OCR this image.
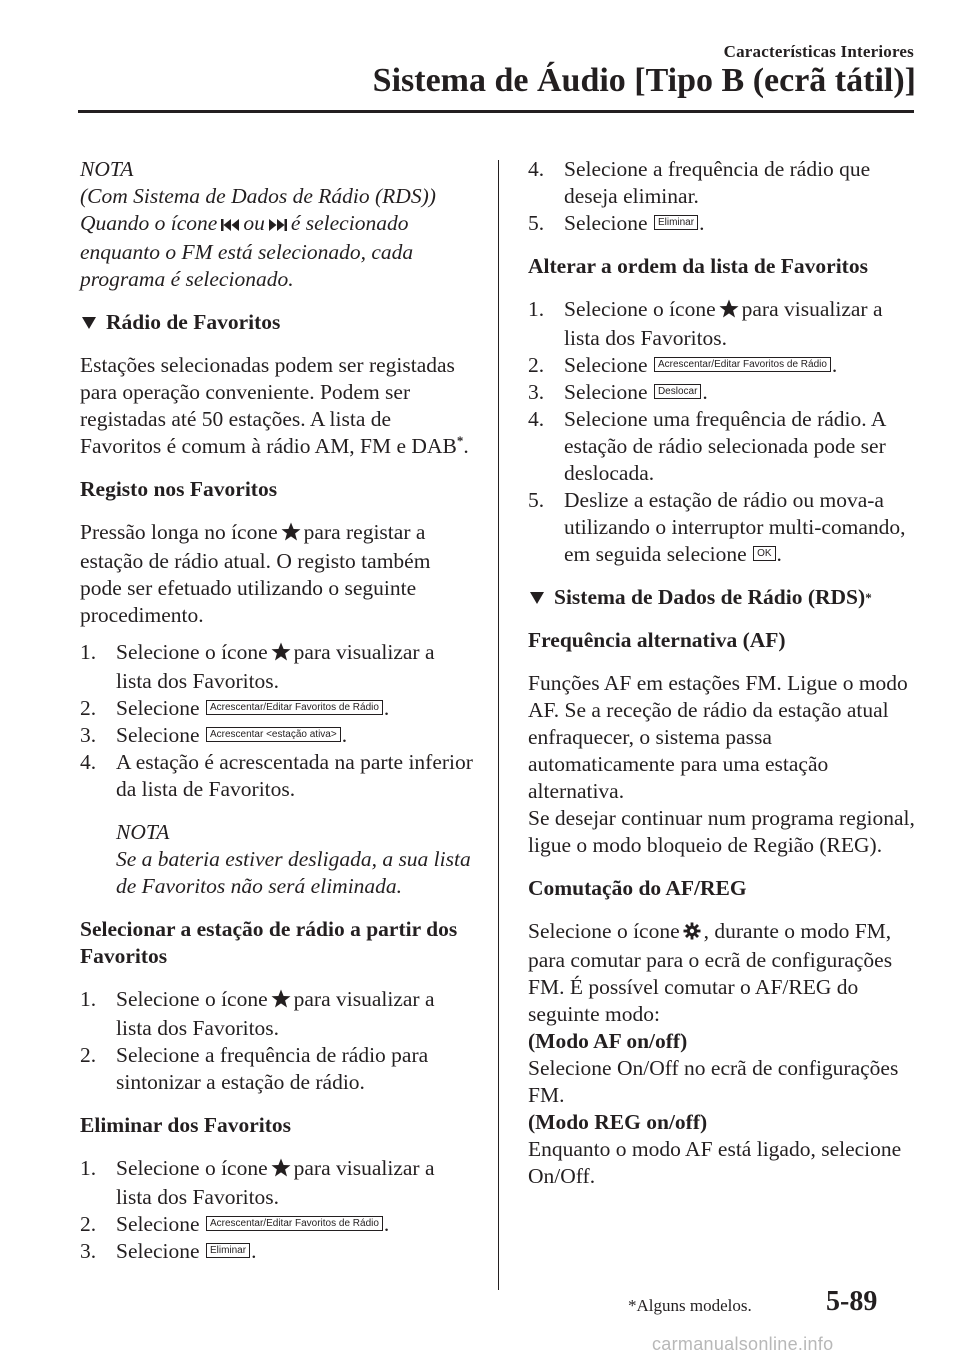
Características Interiores
Sistema de Áudio [Tipo B (ecrã tátil)]

NOTA

(Com Sistema de Dados de Rádio (RDS))

Quando o ícone ou é selecionado enquanto o FM está selecionado, cada programa é selecionado.

Rádio de Favoritos

Estações selecionadas podem ser registadas para operação conveniente. Podem ser registadas até 50 estações. A lista de Favoritos é comum à rádio AM, FM e DAB*.

Registo nos Favoritos

Pressão longa no ícone para registar a estação de rádio atual. O registo também pode ser efetuado utilizando o seguinte procedimento.

1. Selecione o ícone para visualizar a lista dos Favoritos.
2. Selecione Acrescentar/Editar Favoritos de Rádio .
3. Selecione Acrescentar <estação ativa> .
4. A estação é acrescentada na parte inferior da lista de Favoritos.

NOTA

Se a bateria estiver desligada, a sua lista de Favoritos não será eliminada.

Selecionar a estação de rádio a partir dos Favoritos

1. Selecione o ícone para visualizar a lista dos Favoritos.
2. Selecione a frequência de rádio para sintonizar a estação de rádio.

Eliminar dos Favoritos

1. Selecione o ícone para visualizar a lista dos Favoritos.
2. Selecione Acrescentar/Editar Favoritos de Rádio .
3. Selecione Eliminar .
4. Selecione a frequência de rádio que deseja eliminar.
5. Selecione Eliminar .

Alterar a ordem da lista de Favoritos

1. Selecione o ícone para visualizar a lista dos Favoritos.
2. Selecione Acrescentar/Editar Favoritos de Rádio .
3. Selecione Deslocar .
4. Selecione uma frequência de rádio. A estação de rádio selecionada pode ser deslocada.
5. Deslize a estação de rádio ou mova-a utilizando o interruptor multi-comando, em seguida selecione OK .
Sistema de Dados de Rádio (RDS) *

Frequência alternativa (AF)

Funções AF em estações FM. Ligue o modo AF. Se a receção de rádio da estação atual enfraquecer, o sistema passa automaticamente para uma estação alternativa.

Se desejar continuar num programa regional, ligue o modo bloqueio de Região (REG).

Comutação do AF/REG

Selecione o ícone , durante o modo FM, para comutar para o ecrã de configurações FM. É possível comutar o AF/REG do seguinte modo:

(Modo AF on/off)

Selecione On/Off no ecrã de configurações FM.

(Modo REG on/off)

Enquanto o modo AF está ligado, selecione On/Off.

*Alguns modelos.	5-89
carmanualsonline.info
